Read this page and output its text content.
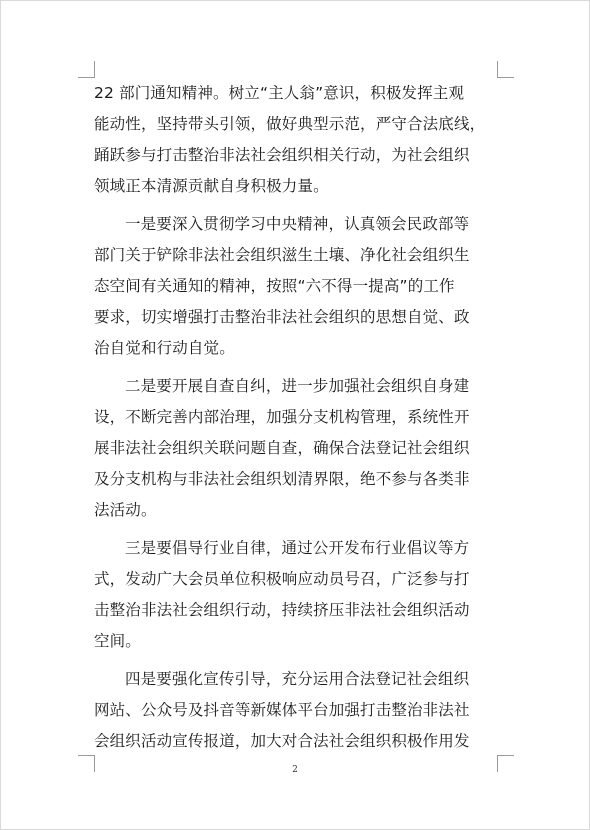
22 部门通知精神。树立“主人翁”意识，积极发挥主观
能动性，坚持带头引领，做好典型示范，严守合法底线，
踊跃参与打击整治非法社会组织相关行动，为社会组织
领域正本清源贡献自身积极力量。
一是要深入贯彻学习中央精神，认真领会民政部等
部门关于铲除非法社会组织滋生土壤、净化社会组织生
态空间有关通知的精神，按照“六不得一提高”的工作
要求，切实增强打击整治非法社会组织的思想自觉、政
治自觉和行动自觉。
二是要开展自查自纠，进一步加强社会组织自身建
设，不断完善内部治理，加强分支机构管理，系统性开
展非法社会组织关联问题自查，确保合法登记社会组织
及分支机构与非法社会组织划清界限，绝不参与各类非
法活动。
三是要倡导行业自律，通过公开发布行业倡议等方
式，发动广大会员单位积极响应动员号召，广泛参与打
击整治非法社会组织行动，持续挤压非法社会组织活动
空间。
四是要强化宣传引导，充分运用合法登记社会组织
网站、公众号及抖音等新媒体平台加强打击整治非法社
会组织活动宣传报道，加大对合法社会组织积极作用发
2
